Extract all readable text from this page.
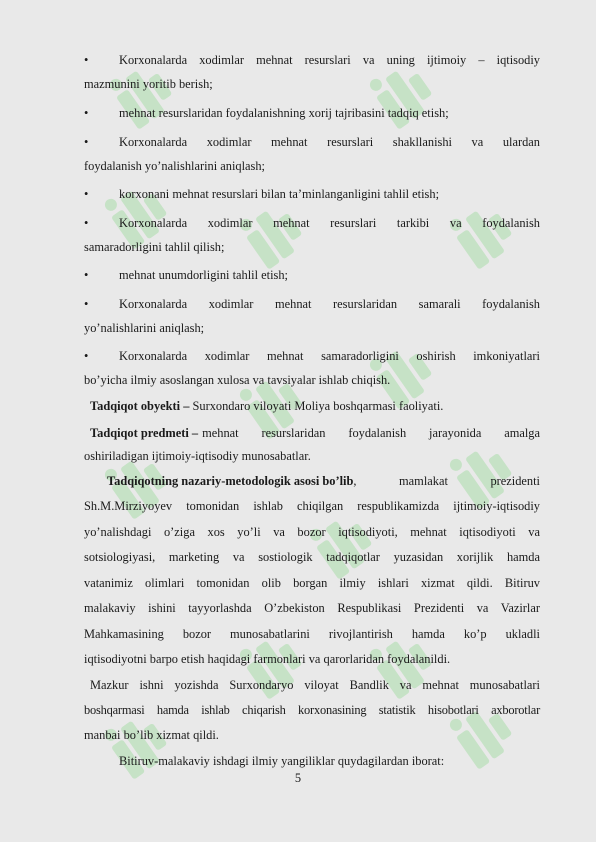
• Korxonalarda xodimlar mehnat resurslari va uning ijtimoiy – iqtisodiy
mazmunini yoritib berish;
• mehnat resurslaridan foydalanishning xorij tajribasini tadqiq etish;
• Korxonalarda xodimlar mehnat resurslari shakllanishi va ulardan
foydalanish yo’nalishlarini aniqlash;
• korxonani mehnat resurslari bilan ta’minlanganligini tahlil etish;
• Korxonalarda xodimlar mehnat resurslari tarkibi va foydalanish
samaradorligini tahlil qilish;
• mehnat unumdorligini tahlil etish;
• Korxonalarda xodimlar mehnat resurslaridan samarali foydalanish
yo’nalishlarini aniqlash;
• Korxonalarda xodimlar mehnat samaradorligini oshirish imkoniyatlari
bo’yicha ilmiy asoslangan xulosa va tavsiyalar ishlab chiqish.
Tadqiqot obyekti – Surxondaro viloyati Moliya boshqarmasi faoliyati.
Tadqiqot predmeti – mehnat resurslaridan foydalanish jarayonida amalga
oshiriladigan ijtimoiy-iqtisodiy munosabatlar.
Tadqiqotning nazariy-metodologik asosi bo’lib , mamlakat prezidenti
Sh.M.Mirziyoyev tomonidan ishlab chiqilgan respublikamizda ijtimoiy-iqtisodiy
yo’nalishdagi o’ziga xos yo’li va bozor iqtisodiyoti, mehnat iqtisodiyoti va
sotsiologiyasi, marketing va sostiologik tadqiqotlar yuzasidan xorijlik hamda
vatanimiz olimlari tomonidan olib borgan ilmiy ishlari xizmat qildi. Bitiruv
malakaviy ishini tayyorlashda O’zbekiston Respublikasi Prezidenti va Vazirlar
Mahkamasining bozor munosabatlarini rivojlantirish hamda ko’p ukladli
iqtisodiyotni barpo etish haqidagi farmonlari va qarorlaridan foydalanildi.
Mazkur ishni yozishda Surxondaryo viloyat Bandlik va mehnat munosabatlari
boshqarmasi hamda ishlab chiqarish korxonasining statistik hisobotlari axborotlar
manbai bo’lib xizmat qildi.
Bitiruv-malakaviy ishdagi ilmiy yangiliklar quydagilardan iborat:
5
